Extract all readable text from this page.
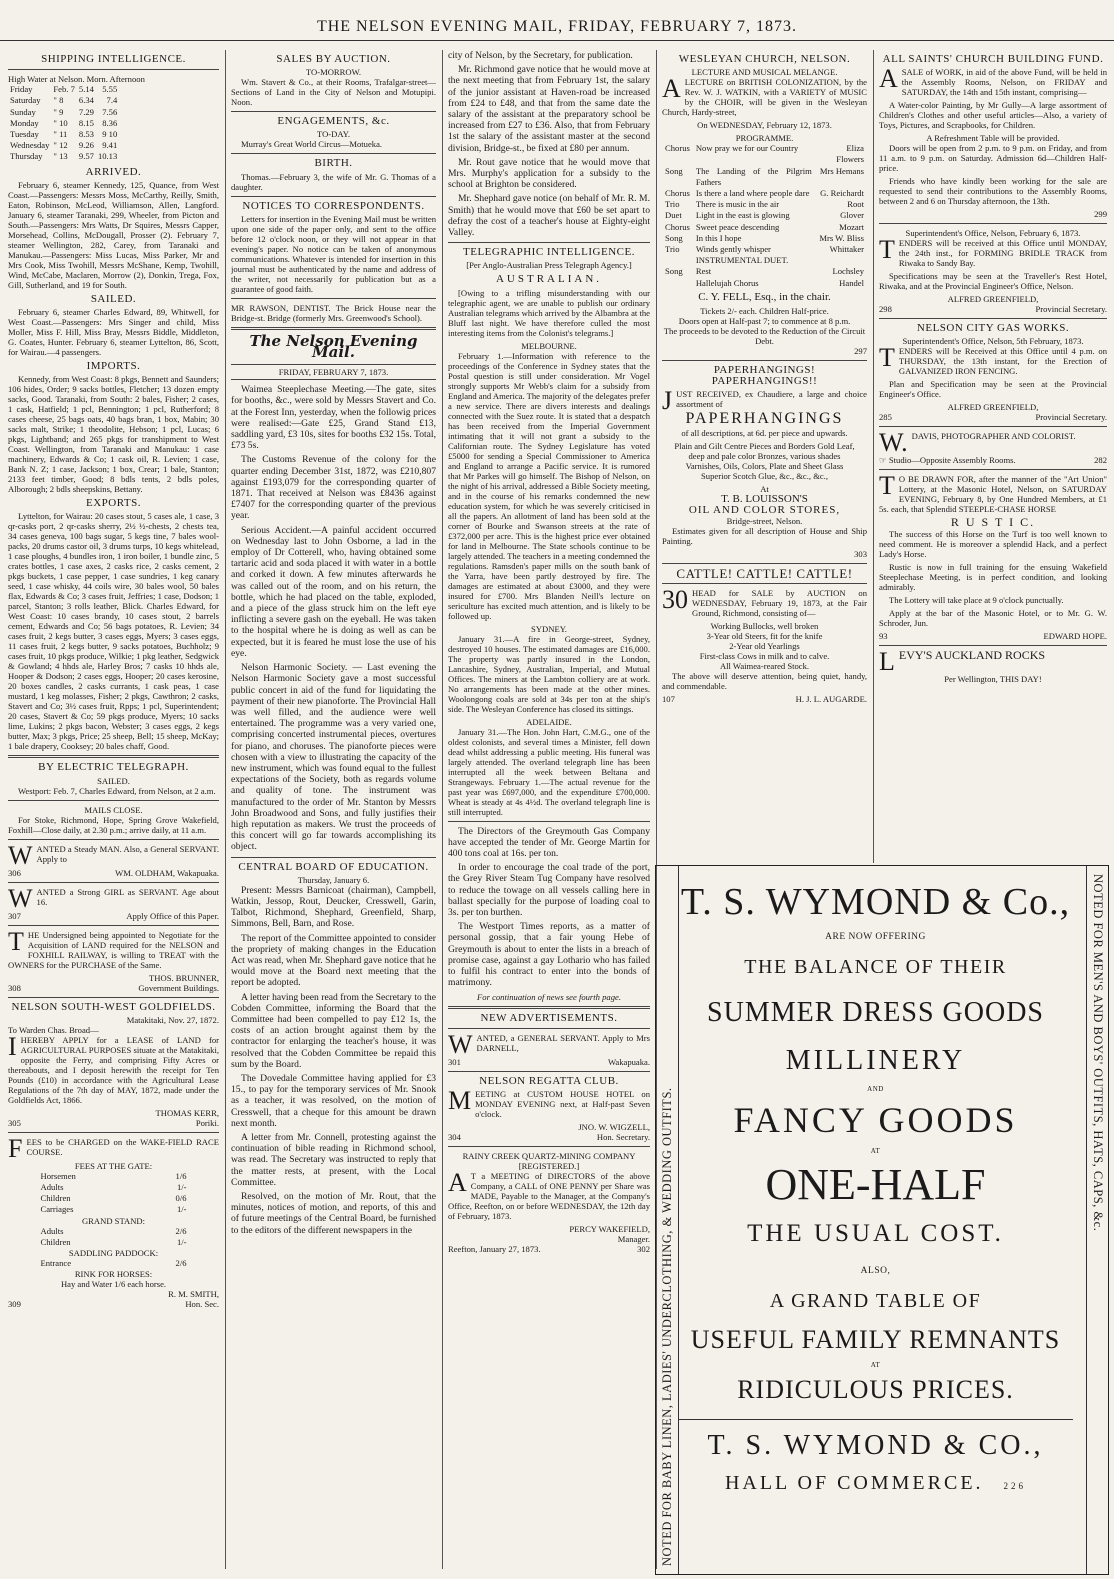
THE NELSON EVENING MAIL, FRIDAY, FEBRUARY 7, 1873.
SHIPPING INTELLIGENCE.
High Water at Nelson. Morn. Afternoon
Friday	Feb. 7	5.14	5.55
Saturday	" 8	6.34	7.4
Sunday	" 9	7.29	7.56
Monday	" 10	8.15	8.36
Tuesday	" 11	8.53	9 10
Wednesday	" 12	9.26	9.41
Thursday	" 13	9.57	10.13
ARRIVED.

February 6, steamer Kennedy, 125, Quance, from West Coast.—Passengers: Messrs Moss, McCarthy, Reilly, Smith, Eaton, Robinson, McLeod, Williamson, Allen, Langford. January 6, steamer Taranaki, 299, Wheeler, from Picton and South.—Passengers: Mrs Watts, Dr Squires, Messrs Capper, Morsehead, Collins, McDougall, Prosser (2). February 7, steamer Wellington, 282, Carey, from Taranaki and Manukau.—Passengers: Miss Lucas, Miss Parker, Mr and Mrs Cook, Miss Twohill, Messrs McShane, Kemp, Twohill, Wind, McCabe, Maclaren, Morrow (2), Donkin, Trega, Fox, Gill, Sutherland, and 19 for South.

SAILED.

February 6, steamer Charles Edward, 89, Whitwell, for West Coast.—Passengers: Mrs Singer and child, Miss Moller, Miss F. Hill, Miss Bray, Messrs Biddle, Middleton, G. Coates, Hunter. February 6, steamer Lyttelton, 86, Scott, for Wairau.—4 passengers.

IMPORTS.

Kennedy, from West Coast: 8 pkgs, Bennett and Saunders; 106 hides, Order; 9 sacks bottles, Fletcher; 13 dozen empty sacks, Good. Taranaki, from South: 2 bales, Fisher; 2 cases, 1 cask, Hatfield; 1 pcl, Bennington; 1 pcl, Rutherford; 8 cases cheese, 25 bags oats, 40 bags bran, 1 box, Mabin; 30 sacks malt, Strike; 1 theodolite, Hebson; 1 pcl, Lucas; 6 pkgs, Lightband; and 265 pkgs for transhipment to West Coast. Wellington, from Taranaki and Manukau: 1 case machinery, Edwards & Co; 1 cask oil, R. Levien; 1 case, Bank N. Z; 1 case, Jackson; 1 box, Crear; 1 bale, Stanton; 2133 feet timber, Good; 8 bdls tents, 2 bdls poles, Alborough; 2 bdls sheepskins, Bettany.

EXPORTS.

Lyttelton, for Wairau: 20 cases stout, 5 cases ale, 1 case, 3 qr-casks port, 2 qr-casks sherry, 2½ ½-chests, 2 chests tea, 34 cases geneva, 100 bags sugar, 5 kegs tine, 7 bales wool-packs, 20 drums castor oil, 3 drums turps, 10 kegs whitelead, 1 case ploughs, 4 bundles iron, 1 iron boiler, 1 bundle zinc, 5 crates bottles, 1 case axes, 2 casks rice, 2 casks cement, 2 pkgs buckets, 1 case pepper, 1 case sundries, 1 keg canary seed, 1 case whisky, 44 coils wire, 30 bales wool, 50 bales flax, Edwards & Co; 3 cases fruit, Jeffries; 1 case, Dodson; 1 parcel, Stanton; 3 rolls leather, Blick. Charles Edward, for West Coast: 10 cases brandy, 10 cases stout, 2 barrels cement, Edwards and Co; 56 bags potatoes, R. Levien; 34 cases fruit, 2 kegs butter, 3 cases eggs, Myers; 3 cases eggs, 11 cases fruit, 2 kegs butter, 9 sacks potatoes, Buchholz; 9 cases fruit, 10 pkgs produce, Wilkie; 1 pkg leather, Sedgwick & Gowland; 4 hhds ale, Harley Bros; 7 casks 10 hhds ale, Hooper & Dodson; 2 cases eggs, Hooper; 20 cases kerosine, 20 boxes candles, 2 casks currants, 1 cask peas, 1 case mustard, 1 keg molasses, Fisher; 2 pkgs, Cawthron; 2 casks, Stavert and Co; 3½ cases fruit, Rpps; 1 pcl, Superintendent; 20 cases, Stavert & Co; 59 pkgs produce, Myers; 10 sacks lime, Lukins; 2 pkgs bacon, Webster; 3 cases eggs, 2 kegs butter, Max; 3 pkgs, Price; 25 sheep, Bell; 15 sheep, McKay; 1 bale drapery, Cooksey; 20 bales chaff, Good.

BY ELECTRIC TELEGRAPH.
SAILED.

Westport: Feb. 7, Charles Edward, from Nelson, at 2 a.m.

MAILS CLOSE.

For Stoke, Richmond, Hope, Spring Grove Wakefield, Foxhill—Close daily, at 2.30 p.m.; arrive daily, at 11 a.m.

WANTED a Steady MAN. Also, a General SERVANT. Apply to

306	WM. OLDHAM, Wakapuaka.

WANTED a Strong GIRL as SERVANT. Age about 16.

307	Apply Office of this Paper.

THE Undersigned being appointed to Negotiate for the Acquisition of LAND required for the NELSON and FOXHILL RAILWAY, is willing to TREAT with the OWNERS for the PURCHASE of the Same.

THOS. BRUNNER,
308	Government Buildings.

NELSON SOUTH-WEST GOLDFIELDS.
Matakitaki, Nov. 27, 1872.
To Warden Chas. Broad—

IHEREBY APPLY for a LEASE of LAND for AGRICULTURAL PURPOSES situate at the Matakitaki, opposite the Ferry, and comprising Fifty Acres or thereabouts, and I deposit herewith the receipt for Ten Pounds (£10) in accordance with the Agricultural Lease Regulations of the 7th day of MAY, 1872, made under the Goldfields Act, 1866.

THOMAS KERR,
305	Poriki.

FEES to be CHARGED on the WAKE-FIELD RACE COURSE.

FEES AT THE GATE:
Horsemen	1/6
Adults	1/-
Children	0/6
Carriages	1/-
GRAND STAND:
Adults	2/6
Children	1/-
SADDLING PADDOCK:
Entrance	2/6
RINK FOR HORSES:
Hay and Water 1/6 each horse.
R. M. SMITH,
309	Hon. Sec.

SALES BY AUCTION.
TO-MORROW.

Wm. Stavert & Co., at their Rooms, Trafalgar-street—Sections of Land in the City of Nelson and Motupipi. Noon.

ENGAGEMENTS, &c.
TO-DAY.

Murray's Great World Circus—Motueka.

BIRTH.

Thomas.—February 3, the wife of Mr. G. Thomas of a daughter.

NOTICES TO CORRESPONDENTS.

Letters for insertion in the Evening Mail must be written upon one side of the paper only, and sent to the office before 12 o'clock noon, or they will not appear in that evening's paper. No notice can be taken of anonymous communications. Whatever is intended for insertion in this journal must be authenticated by the name and address of the writer, not necessarily for publication but as a guarantee of good faith.

MR RAWSON, DENTIST. The Brick House near the Bridge-st. Bridge (formerly Mrs. Greenwood's School).

The Nelson Evening Mail.
FRIDAY, FEBRUARY 7, 1873.

Waimea Steeplechase Meeting.—The gate, sites for booths, &c., were sold by Messrs Stavert and Co. at the Forest Inn, yesterday, when the followig prices were realised:—Gate £25, Grand Stand £13, saddling yard, £3 10s, sites for booths £32 15s. Total, £73 5s.

The Customs Revenue of the colony for the quarter ending December 31st, 1872, was £210,807 against £193,079 for the corresponding quarter of 1871. That received at Nelson was £8436 against £7407 for the corresponding quarter of the previous year.

Serious Accident.—A painful accident occurred on Wednesday last to John Osborne, a lad in the employ of Dr Cotterell, who, having obtained some tartaric acid and soda placed it with water in a bottle and corked it down. A few minutes afterwards he was called out of the room, and on his return, the bottle, which he had placed on the table, exploded, and a piece of the glass struck him on the left eye inflicting a severe gash on the eyeball. He was taken to the hospital where he is doing as well as can be expected, but it is feared he must lose the use of his eye.

Nelson Harmonic Society. — Last evening the Nelson Harmonic Society gave a most successful public concert in aid of the fund for liquidating the payment of their new pianoforte. The Provincial Hall was well filled, and the audience were well entertained. The programme was a very varied one, comprising concerted instrumental pieces, overtures for piano, and choruses. The pianoforte pieces were chosen with a view to illustrating the capacity of the new instrument, which was found equal to the fullest expectations of the Society, both as regards volume and quality of tone. The instrument was manufactured to the order of Mr. Stanton by Messrs John Broadwood and Sons, and fully justifies their high reputation as makers. We trust the proceeds of this concert will go far towards accomplishing its object.

CENTRAL BOARD OF EDUCATION.
Thursday, January 6.

Present: Messrs Barnicoat (chairman), Campbell, Watkin, Jessop, Rout, Deucker, Cresswell, Garin, Talbot, Richmond, Shephard, Greenfield, Sharp, Simmons, Bell, Barn, and Rose.

The report of the Committee appointed to consider the propriety of making changes in the Education Act was read, when Mr. Shephard gave notice that he would move at the Board next meeting that the report be adopted.

A letter having been read from the Secretary to the Cobden Committee, informing the Board that the Committee had been compelled to pay £12 1s, the costs of an action brought against them by the contractor for enlarging the teacher's house, it was resolved that the Cobden Committee be repaid this sum by the Board.

The Dovedale Committee having applied for £3 15., to pay for the temporary services of Mr. Snook as a teacher, it was resolved, on the motion of Cresswell, that a cheque for this amount be drawn next month.

A letter from Mr. Connell, protesting against the continuation of bible reading in Richmond school, was read. The Secretary was instructed to reply that the matter rests, at present, with the Local Committee.

Resolved, on the motion of Mr. Rout, that the minutes, notices of motion, and reports, of this and of future meetings of the Central Board, be furnished to the editors of the different newspapers in the

city of Nelson, by the Secretary, for publication.

Mr. Richmond gave notice that he would move at the next meeting that from February 1st, the salary of the junior assistant at Haven-road be increased from £24 to £48, and that from the same date the salary of the assistant at the preparatory school be increased from £27 to £36. Also, that from February 1st the salary of the assistant master at the second division, Bridge-st., be fixed at £80 per annum.

Mr. Rout gave notice that he would move that Mrs. Murphy's application for a subsidy to the school at Brighton be considered.

Mr. Shephard gave notice (on behalf of Mr. R. M. Smith) that he would move that £60 be set apart to defray the cost of a teacher's house at Eighty-eight Valley.

TELEGRAPHIC INTELLIGENCE.
[Per Anglo-Australian Press Telegraph Agency.]
AUSTRALIAN.

[Owing to a trifling misunderstanding with our telegraphic agent, we are unable to publish our ordinary Australian telegrams which arrived by the Albambra at the Bluff last night. We have therefore culled the most interesting items from the Colonist's telegrams.]

MELBOURNE.

February 1.—Information with reference to the proceedings of the Conference in Sydney states that the Postal question is still under consideration. Mr Vogel strongly supports Mr Webb's claim for a subsidy from England and America. The majority of the delegates prefer a new service. There are divers interests and dealings connected with the Suez route. It is stated that a despatch has been received from the Imperial Government intimating that it will not grant a subsidy to the Californian route. The Sydney Legislature has voted £5000 for sending a Special Commissioner to America and England to arrange a Pacific service. It is rumored that Mr Parkes will go himself. The Bishop of Nelson, on the night of his arrival, addressed a Bible Society meeting, and in the course of his remarks condemned the new education system, for which he was severely criticised in all the papers. An allotment of land has been sold at the corner of Bourke and Swanson streets at the rate of £372,000 per acre. This is the highest price ever obtained for land in Melbourne. The State schools continue to be largely attended. The teachers in a meeting condemned the regulations. Ramsden's paper mills on the south bank of the Yarra, have been partly destroyed by fire. The damages are estimated at about £3000, and they were insured for £700. Mrs Blanden Neill's lecture on sericulture has excited much attention, and is likely to be followed up.

SYDNEY.

January 31.—A fire in George-street, Sydney, destroyed 10 houses. The estimated damages are £16,000. The property was partly insured in the London, Lancashire, Sydney, Australian, Imperial, and Mutual Offices. The miners at the Lambton colliery are at work. No arrangements has been made at the other mines. Woolongong coals are sold at 34s per ton at the ship's side. The Wesleyan Conference has closed its sittings.

ADELAIDE.

January 31.—The Hon. John Hart, C.M.G., one of the oldest colonists, and several times a Minister, fell down dead whilst addressing a public meeting. His funeral was largely attended. The overland telegraph line has been interrupted all the week between Beltana and Strangeways. February 1.—The actual revenue for the past year was £697,000, and the expenditure £700,000. Wheat is steady at 4s 4½d. The overland telegraph line is still interrupted.

The Directors of the Greymouth Gas Company have accepted the tender of Mr. George Martin for 400 tons coal at 16s. per ton.

In order to encourage the coal trade of the port, the Grey River Steam Tug Company have resolved to reduce the towage on all vessels calling here in ballast specially for the purpose of loading coal to 3s. per ton burthen.

The Westport Times reports, as a matter of personal gossip, that a fair young Hebe of Greymouth is about to enter the lists in a breach of promise case, against a gay Lothario who has failed to fulfil his contract to enter into the bonds of matrimony.

For continuation of news see fourth page.
NEW ADVERTISEMENTS.

WANTED, a GENERAL SERVANT. Apply to Mrs DARNELL,

301	Wakapuaka.

NELSON REGATTA CLUB.

MEETING at CUSTOM HOUSE HOTEL on MONDAY EVENING next, at Half-past Seven o'clock.

JNO. W. WIGZELL,
304	Hon. Secretary.

RAINY CREEK QUARTZ-MINING COMPANY [REGISTERED.]

A T a MEETING of DIRECTORS of the above Company, a CALL of ONE PENNY per Share was MADE, Payable to the Manager, at the Company's Office, Reefton, on or before WEDNESDAY, the 12th day of February, 1873.

PERCY WAKEFIELD,
Manager.
Reefton, January 27, 1873.	302
WESLEYAN CHURCH, NELSON.
LECTURE AND MUSICAL MELANGE.

ALECTURE on BRITISH COLONIZATION, by the Rev. W. J. WATKIN, with a VARIETY of MUSIC by the CHOIR, will be given in the Wesleyan Church, Hardy-street,

On WEDNESDAY, February 12, 1873.
PROGRAMME.
Chorus	Now pray we for our Country	Eliza Flowers
Song	The Landing of the Pilgrim Fathers	Mrs Hemans
Chorus	Is there a land where people dare	G. Reichardt
Trio	There is music in the air	Root
Duet	Light in the east is glowing	Glover
Chorus	Sweet peace descending	Mozart
Song	In this I hope	Mrs W. Bliss
Trio	Winds gently whisper	Whittaker
	INSTRUMENTAL DUET.	
Song	Rest	Lochsley
	Hallelujah Chorus	Handel
C. Y. FELL, Esq., in the chair.
Tickets 2/- each. Children Half-price.
Doors open at Half-past 7; to commence at 8 p.m.
The proceeds to be devoted to the Reduction of the Circuit Debt.
297
PAPERHANGINGS! PAPERHANGINGS!!

JUST RECEIVED, ex Chaudiere, a large and choice assortment of

PAPERHANGINGS
of all descriptions, at 6d. per piece and upwards.

Plain and Gilt Centre Pieces and Borders Gold Leaf, deep and pale color Bronzes, various shades Varnishes, Oils, Colors, Plate and Sheet Glass Superior Scotch Glue, &c., &c., &c.,

At
T. B. LOUISSON'S
OIL AND COLOR STORES,
Bridge-street, Nelson.

Estimates given for all description of House and Ship Painting.

303
CATTLE! CATTLE! CATTLE!

30 HEAD for SALE by AUCTION on WEDNESDAY, February 19, 1873, at the Fair Ground, Richmond, consisting of—

Working Bullocks, well broken
3-Year old Steers, fit for the knife
2-Year old Yearlings
First-class Cows in milk and to calve.
All Waimea-reared Stock.

The above will deserve attention, being quiet, handy, and commendable.

107	H. J. L. AUGARDE.

ALL SAINTS' CHURCH BUILDING FUND.

ASALE of WORK, in aid of the above Fund, will be held in the Assembly Rooms, Nelson, on FRIDAY and SATURDAY, the 14th and 15th instant, comprising—

A Water-color Painting, by Mr Gully—A large assortment of Children's Clothes and other useful articles—Also, a variety of Toys, Pictures, and Scrapbooks, for Children.

A Refreshment Table will be provided.

Doors will be open from 2 p.m. to 9 p.m. on Friday, and from 11 a.m. to 9 p.m. on Saturday. Admission 6d—Children Half-price.

Friends who have kindly been working for the sale are requested to send their contributions to the Assembly Rooms, between 2 and 6 on Thursday afternoon, the 13th.

299
Superintendent's Office, Nelson, February 6, 1873.

TENDERS will be received at this Office until MONDAY, the 24th inst., for FORMING BRIDLE TRACK from Riwaka to Sandy Bay.

Specifications may be seen at the Traveller's Rest Hotel, Riwaka, and at the Provincial Engineer's Office, Nelson.

ALFRED GREENFIELD,
298	Provincial Secretary.

NELSON CITY GAS WORKS.
Superintendent's Office, Nelson, 5th February, 1873.

TENDERS will be Received at this Office until 4 p.m. on THURSDAY, the 13th instant, for the Erection of GALVANIZED IRON FENCING.

Plan and Specification may be seen at the Provincial Engineer's Office.

ALFRED GREENFIELD,
285	Provincial Secretary.

W. DAVIS, PHOTOGRAPHER AND COLORIST.

☞ Studio—Opposite Assembly Rooms.	282

T O BE DRAWN FOR, after the manner of the "Art Union" Lottery, at the Masonic Hotel, Nelson, on SATURDAY EVENING, February 8, by One Hundred Members, at £1 5s. each, that Splendid STEEPLE-CHASE HORSE

R U S T I C.

The success of this Horse on the Turf is too well known to need comment. He is moreover a splendid Hack, and a perfect Lady's Horse.

Rustic is now in full training for the ensuing Wakefield Steeplechase Meeting, is in perfect condition, and looking admirably.

The Lottery will take place at 9 o'clock punctually.

Apply at the bar of the Masonic Hotel, or to Mr. G. W. Schroder, Jun.

93	EDWARD HOPE.

LEVY'S AUCKLAND ROCKS

Per Wellington, THIS DAY!
NOTED FOR BABY LINEN, LADIES' UNDERCLOTHING, & WEDDING OUTFITS.
T. S. WYMOND & Co.,
ARE NOW OFFERING
THE BALANCE OF THEIR
SUMMER DRESS GOODS
MILLINERY
AND
FANCY GOODS
AT
ONE-HALF
THE USUAL COST.
ALSO,
A GRAND TABLE OF
USEFUL FAMILY REMNANTS
AT
RIDICULOUS PRICES.
T. S. WYMOND & CO.,
HALL OF COMMERCE. 226
NOTED FOR MEN'S AND BOYS' OUTFITS, HATS, CAPS, &c.
